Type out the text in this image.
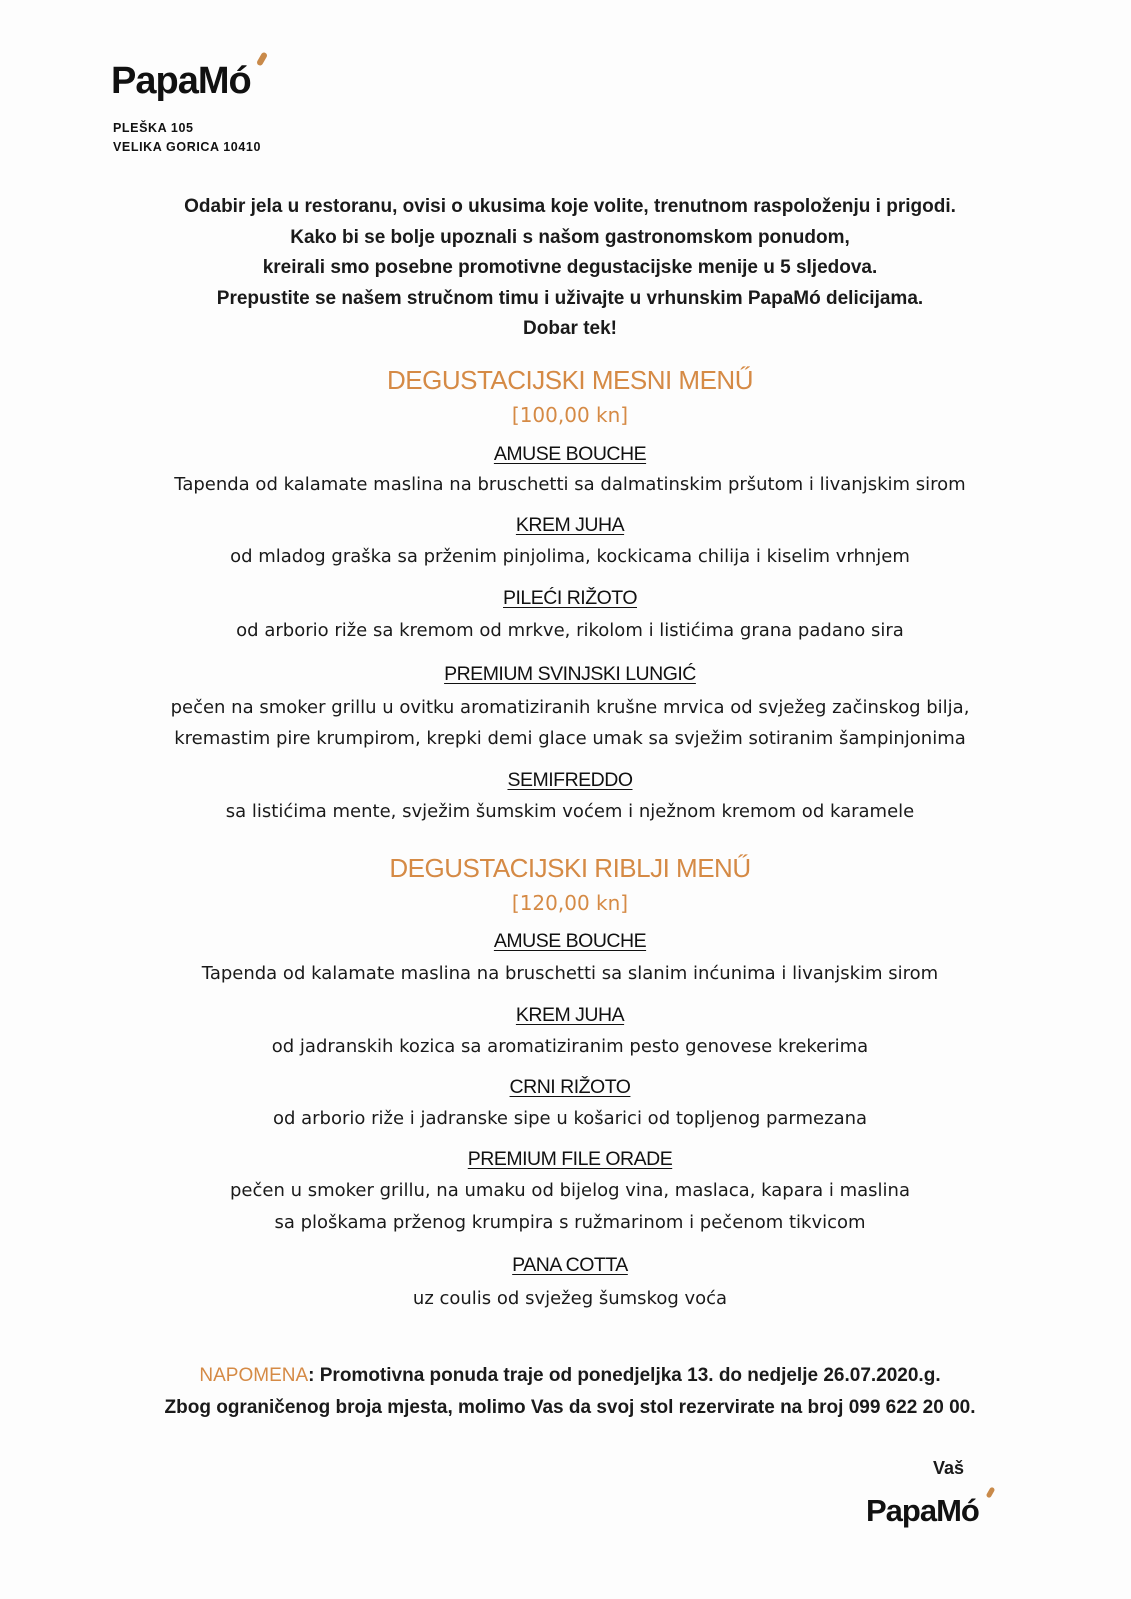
PapaMó
PLEŠKA 105
VELIKA GORICA 10410
Odabir jela u restoranu, ovisi o ukusima koje volite, trenutnom raspoloženju i prigodi.
Kako bi se bolje upoznali s našom gastronomskom ponudom,
kreirali smo posebne promotivne degustacijske menije u 5 sljedova.
Prepustite se našem stručnom timu i uživajte u vrhunskim PapaMó delicijama.
Dobar tek!
DEGUSTACIJSKI MESNI MENŰ
[100,00 kn]
AMUSE BOUCHE
Tapenda od kalamate maslina na bruschetti sa dalmatinskim pršutom i livanjskim sirom
KREM JUHA
od mladog graška sa prženim pinjolima, kockicama chilija i kiselim vrhnjem
PILEĆI RIŽOTO
od arborio riže sa kremom od mrkve, rikolom i listićima grana padano sira
PREMIUM SVINJSKI LUNGIĆ
pečen na smoker grillu u ovitku aromatiziranih krušne mrvica od svježeg začinskog bilja,
kremastim pire krumpirom, krepki demi glace umak sa svježim sotiranim šampinjonima
SEMIFREDDO
sa listićima mente, svježim šumskim voćem i nježnom kremom od karamele
DEGUSTACIJSKI RIBLJI MENŰ
[120,00 kn]
AMUSE BOUCHE
Tapenda od kalamate maslina na bruschetti sa slanim inćunima i livanjskim sirom
KREM JUHA
od jadranskih kozica sa aromatiziranim pesto genovese krekerima
CRNI RIŽOTO
od arborio riže i jadranske sipe u košarici od topljenog parmezana
PREMIUM FILE ORADE
pečen u smoker grillu, na umaku od bijelog vina, maslaca, kapara i maslina
sa ploškama prženog krumpira s ružmarinom i pečenom tikvicom
PANA COTTA
uz coulis od svježeg šumskog voća
NAPOMENA: Promotivna ponuda traje od ponedjeljka 13. do nedjelje 26.07.2020.g.
Zbog ograničenog broja mjesta, molimo Vas da svoj stol rezervirate na broj 099 622 20 00.
Vaš
PapaMó
